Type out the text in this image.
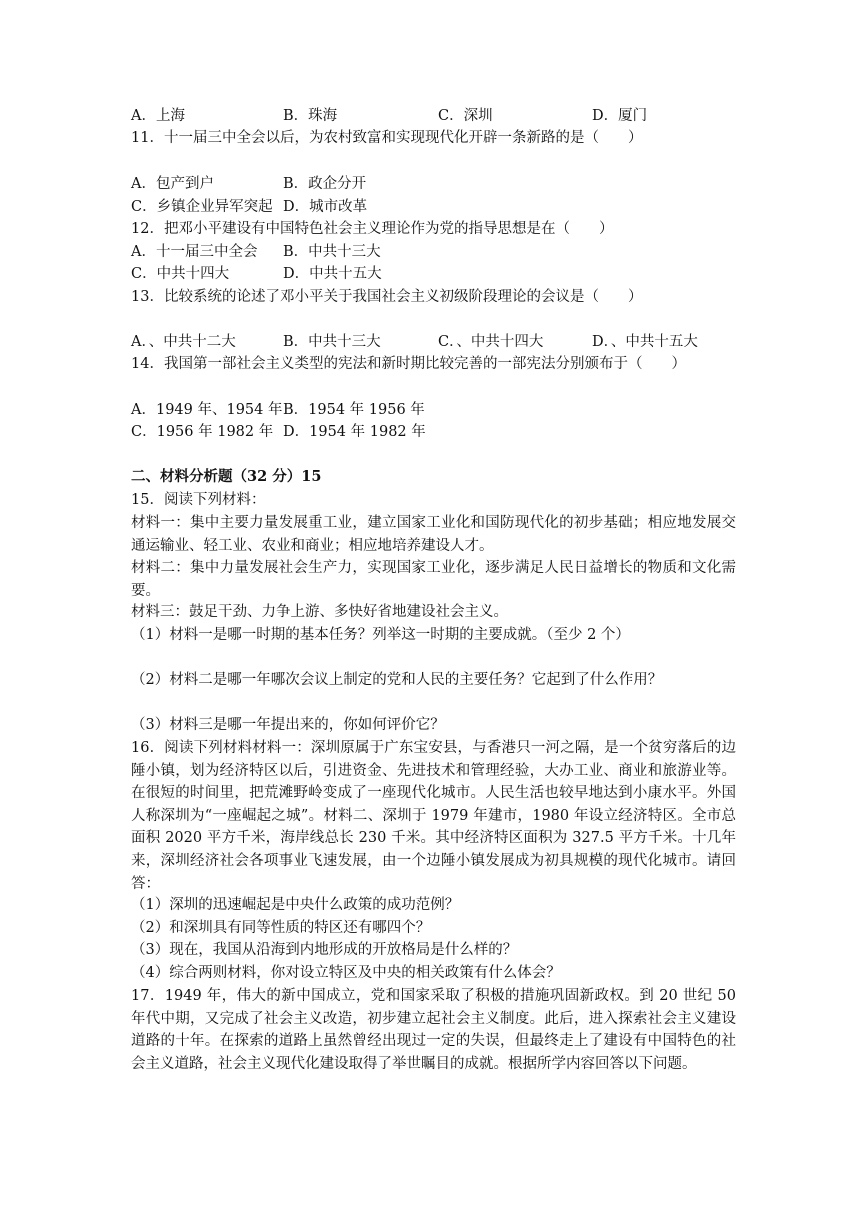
A．上海	B．珠海	C．深圳	D．厦门
11．十一届三中全会以后，为农村致富和实现现代化开辟一条新路的是（　　）
A．包产到户	B．政企分开
C．乡镇企业异军突起 D．城市改革
12．把邓小平建设有中国特色社会主义理论作为党的指导思想是在（　　）
A．十一届三中全会 B．中共十三大
C．中共十四大	D．中共十五大
13．比较系统的论述了邓小平关于我国社会主义初级阶段理论的会议是（　　）
A．、中共十二大	B．中共十三大	C．、中共十四大	D．、中共十五大
14．我国第一部社会主义类型的宪法和新时期比较完善的一部宪法分别颁布于（　　）
A．1949 年、1954 年 B．1954 年 1956 年
C．1956 年 1982 年 D．1954 年 1982 年
二、材料分析题（32 分）15
15．阅读下列材料：
材料一：集中主要力量发展重工业，建立国家工业化和国防现代化的初步基础；相应地发展交通运输业、轻工业、农业和商业；相应地培养建设人才。
材料二：集中力量发展社会生产力，实现国家工业化，逐步满足人民日益增长的物质和文化需要。
材料三：鼓足干劲、力争上游、多快好省地建设社会主义。
（1）材料一是哪一时期的基本任务？列举这一时期的主要成就。（至少 2 个）
（2）材料二是哪一年哪次会议上制定的党和人民的主要任务？它起到了什么作用？
（3）材料三是哪一年提出来的，你如何评价它？
16．阅读下列材料材料一：深圳原属于广东宝安县，与香港只一河之隔，是一个贫穷落后的边陲小镇，划为经济特区以后，引进资金、先进技术和管理经验，大办工业、商业和旅游业等。在很短的时间里，把荒滩野岭变成了一座现代化城市。人民生活也较早地达到小康水平。外国人称深圳为“一座崛起之城”。材料二、深圳于 1979 年建市，1980 年设立经济特区。全市总面积 2020 平方千米，海岸线总长 230 千米。其中经济特区面积为 327.5 平方千米。十几年来，深圳经济社会各项事业飞速发展，由一个边陲小镇发展成为初具规模的现代化城市。请回答：
（1）深圳的迅速崛起是中央什么政策的成功范例？
（2）和深圳具有同等性质的特区还有哪四个？
（3）现在，我国从沿海到内地形成的开放格局是什么样的？
（4）综合两则材料，你对设立特区及中央的相关政策有什么体会？
17．1949 年，伟大的新中国成立，党和国家采取了积极的措施巩固新政权。到 20 世纪 50 年代中期，又完成了社会主义改造，初步建立起社会主义制度。此后，进入探索社会主义建设道路的十年。在探索的道路上虽然曾经出现过一定的失误，但最终走上了建设有中国特色的社会主义道路，社会主义现代化建设取得了举世瞩目的成就。根据所学内容回答以下问题。
